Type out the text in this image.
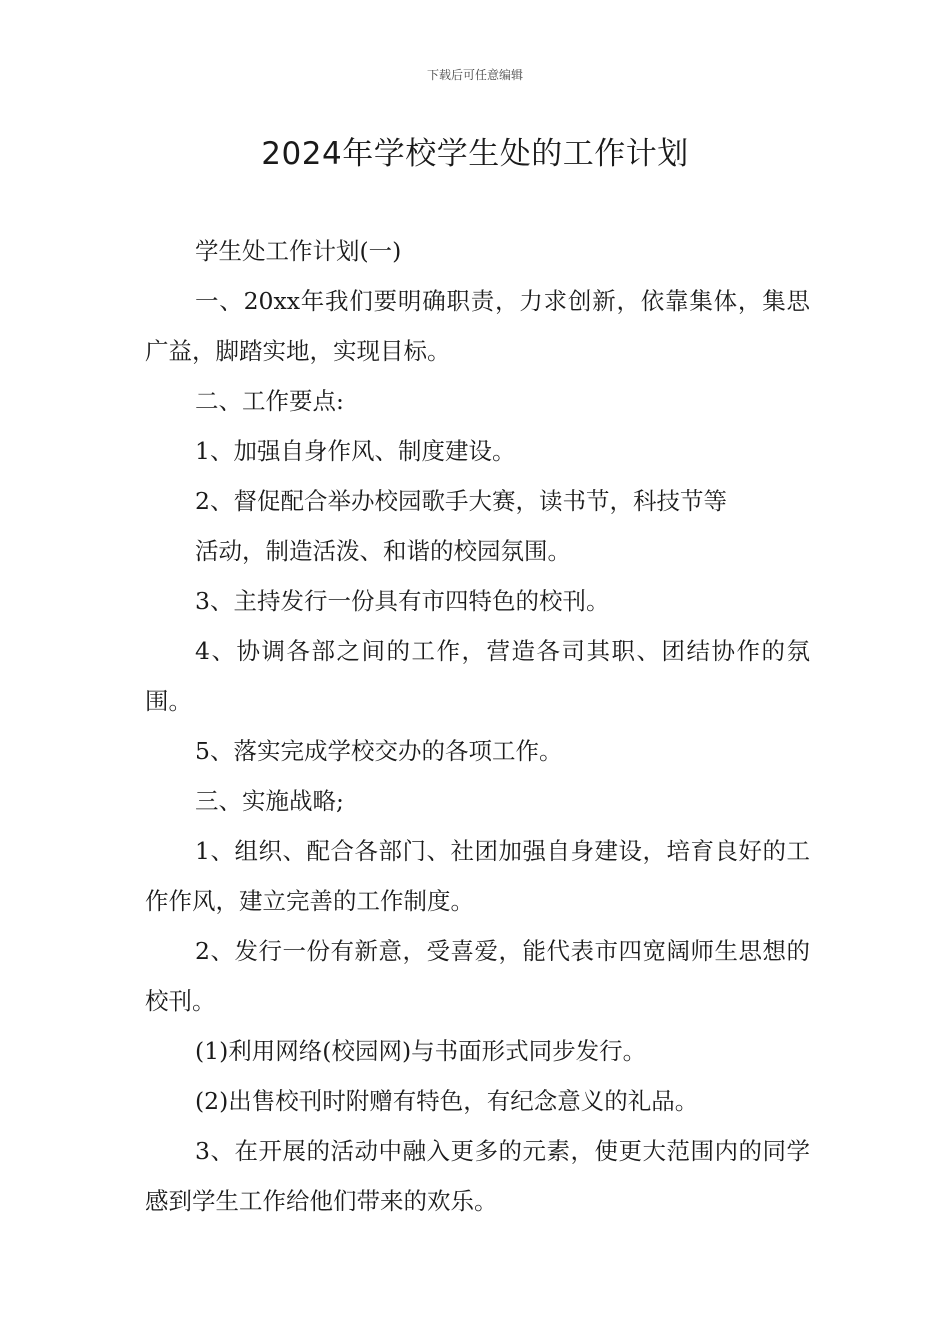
下载后可任意编辑
2024年学校学生处的工作计划

学生处工作计划(一)

一、20xx年我们要明确职责，力求创新，依靠集体，集思广益，脚踏实地，实现目标。

二、工作要点:

1、加强自身作风、制度建设。

2、督促配合举办校园歌手大赛，读书节，科技节等

活动，制造活泼、和谐的校园氛围。

3、主持发行一份具有市四特色的校刊。

4、协调各部之间的工作，营造各司其职、团结协作的氛围。

5、落实完成学校交办的各项工作。

三、实施战略;

1、组织、配合各部门、社团加强自身建设，培育良好的工作作风，建立完善的工作制度。

2、发行一份有新意，受喜爱，能代表市四宽阔师生思想的校刊。

(1)利用网络(校园网)与书面形式同步发行。

(2)出售校刊时附赠有特色，有纪念意义的礼品。

3、在开展的活动中融入更多的元素，使更大范围内的同学感到学生工作给他们带来的欢乐。
